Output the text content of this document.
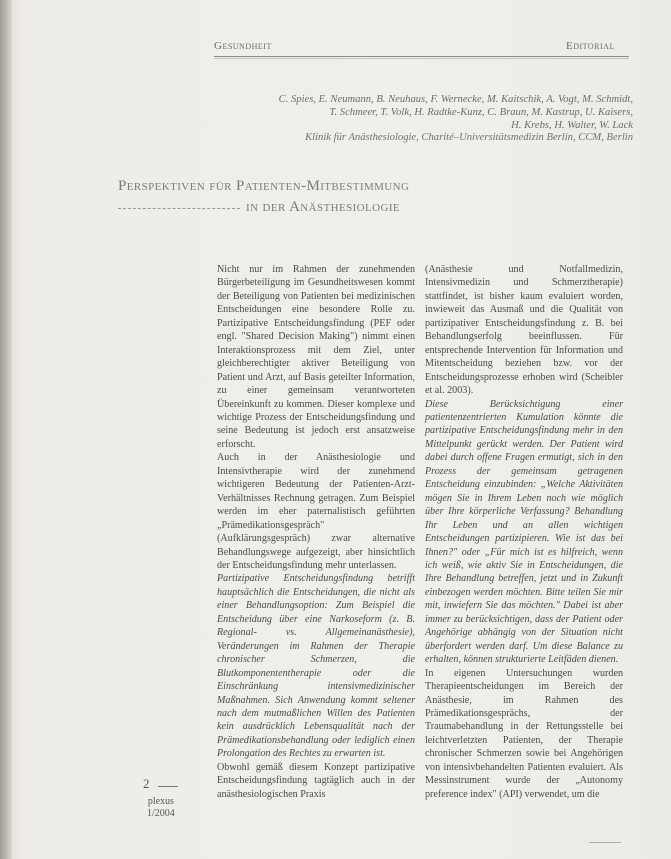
Gesundheit	Editorial
C. Spies, E. Neumann, B. Neuhaus, F. Wernecke, M. Kaitschik, A. Vogt, M. Schmidt,
T. Schmeer, T. Volk, H. Radtke-Kunz, C. Braun, M. Kastrup, U. Kaisers,
H. Krebs, H. Walter, W. Lack
Klinik für Anästhesiologie, Charité–Universitätsmedizin Berlin, CCM, Berlin
Perspektiven für Patienten-Mitbestimmung
in der Anästhesiologie

Nicht nur im Rahmen der zunehmenden Bürgerbeteiligung im Gesundheitswesen kommt der Beteiligung von Patienten bei medizinischen Entscheidungen eine besondere Rolle zu. Partizipative Entscheidungsfindung (PEF oder engl. "Shared Decision Making") nimmt einen Interaktionsprozess mit dem Ziel, unter gleichberechtigter aktiver Beteiligung von Patient und Arzt, auf Basis geteilter Information, zu einer gemeinsam verantworteten Übereinkunft zu kommen. Dieser komplexe und wichtige Prozess der Entscheidungsfindung und seine Bedeutung ist jedoch erst ansatzweise erforscht.

Auch in der Anästhesiologie und Intensivtherapie wird der zunehmend wichtigeren Bedeutung der Patienten-Arzt-Verhältnisses Rechnung getragen. Zum Beispiel werden im eher paternalistisch geführten „Prämedikationsgespräch" (Aufklärungsgespräch) zwar alternative Behandlungswege aufgezeigt, aber hinsichtlich der Entscheidungsfindung mehr unterlassen.

Partizipative Entscheidungsfindung betrifft hauptsächlich die Entscheidungen, die nicht als einer Behandlungsoption: Zum Beispiel die Entscheidung über eine Narkoseform (z. B. Regional- vs. Allgemeinanästhesie), Veränderungen im Rahmen der Therapie chronischer Schmerzen, die Blutkomponententherapie oder die Einschränkung intensivmedizinischer Maßnahmen. Sich Anwendung kommt seltener nach dem mutmaßlichen Willen des Patienten kein ausdrücklich Lebensqualität nach der Prämedikationsbehandlung oder lediglich einen Prolongation des Rechtes zu erwarten ist.

Obwohl gemäß diesem Konzept partizipative Entscheidungsfindung tagtäglich auch in der anästhesiologischen Praxis

(Anästhesie und Notfallmedizin, Intensivmedizin und Schmerztherapie) stattfindet, ist bisher kaum evaluiert worden, inwieweit das Ausmaß und die Qualität von partizipativer Entscheidungsfindung z. B. bei Behandlungserfolg beeinflussen. Für entsprechende Intervention für Information und Mitentscheidung beziehen bzw. vor der Entscheidungsprozesse erhoben wird (Scheibler et al. 2003).

Diese Berücksichtigung einer patientenzentrierten Kumulation könnte die partizipative Entscheidungsfindung mehr in den Mittelpunkt gerückt werden. Der Patient wird dabei durch offene Fragen ermutigt, sich in den Prozess der gemeinsam getragenen Entscheidung einzubinden: „Welche Aktivitäten mögen Sie in Ihrem Leben noch wie möglich über Ihre körperliche Verfassung? Behandlung Ihr Leben und an allen wichtigen Entscheidungen partizipieren. Wie ist das bei Ihnen?" oder „Für mich ist es hilfreich, wenn ich weiß, wie aktiv Sie in Entscheidungen, die Ihre Behandlung betreffen, jetzt und in Zukunft einbezogen werden möchten. Bitte teilen Sie mir mit, inwiefern Sie das möchten." Dabei ist aber immer zu berücksichtigen, dass der Patient oder Angehörige abhängig von der Situation nicht überfordert werden darf. Um diese Balance zu erhalten, können strukturierte Leitfäden dienen.

In eigenen Untersuchungen wurden Therapieentscheidungen im Bereich der Anästhesie, im Rahmen des Prämedikationsgesprächs, der Traumabehandlung in der Rettungsstelle bei leichtverletzten Patienten, der Therapie chronischer Schmerzen sowie bei Angehörigen von intensivbehandelten Patienten evaluiert. Als Messinstrument wurde der „Autonomy preference index" (API) verwendet, um die

2
plexus
1/2004
